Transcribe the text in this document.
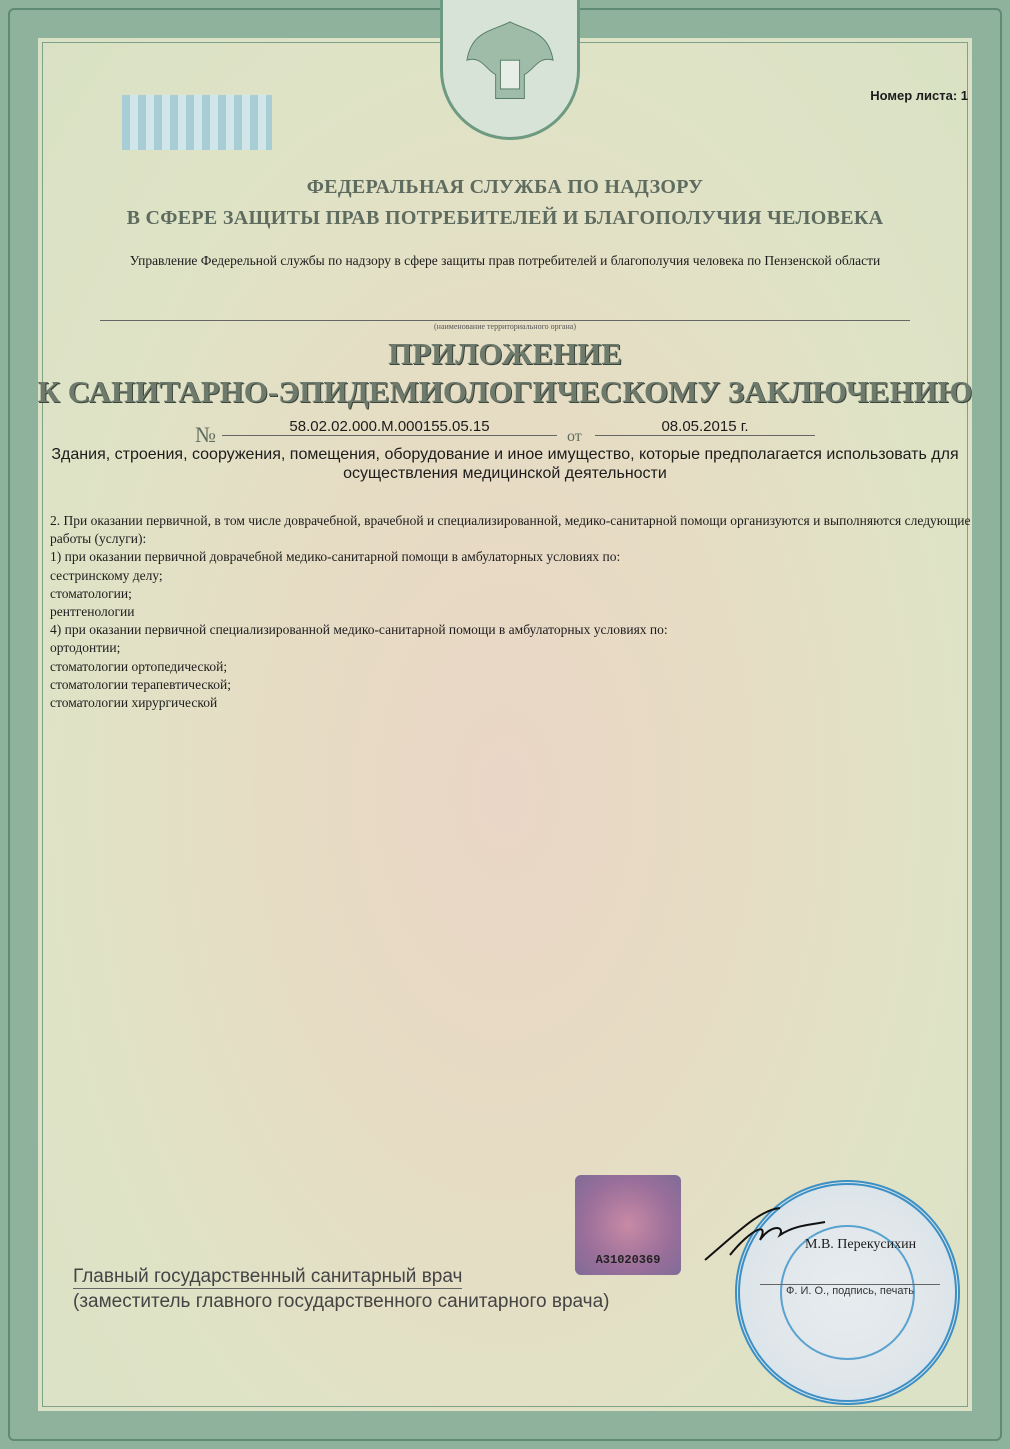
Номер листа: 1
ФЕДЕРАЛЬНАЯ СЛУЖБА ПО НАДЗОРУ
В СФЕРЕ ЗАЩИТЫ ПРАВ ПОТРЕБИТЕЛЕЙ И БЛАГОПОЛУЧИЯ ЧЕЛОВЕКА
Управление Федерельной службы по надзору в сфере защиты прав потребителей и благополучия человека по Пензенской области
(наименование территориального органа)
ПРИЛОЖЕНИЕ
К САНИТАРНО-ЭПИДЕМИОЛОГИЧЕСКОМУ ЗАКЛЮЧЕНИЮ
№	58.02.02.000.М.000155.05.15
от
08.05.2015 г.
Здания, строения, сооружения, помещения, оборудование и иное имущество, которые предполагается использовать для осуществления медицинской деятельности
2. При оказании первичной, в том числе доврачебной, врачебной и специализированной, медико-санитарной помощи организуются и выполняются следующие работы (услуги):
1) при оказании первичной доврачебной медико-санитарной помощи в амбулаторных условиях по:
сестринскому делу;
стоматологии;
рентгенологии
4) при оказании первичной специализированной медико-санитарной помощи в амбулаторных условиях по:
ортодонтии;
стоматологии ортопедической;
стоматологии терапевтической;
стоматологии хирургической
А31020369
М.В. Перекусихин
Ф. И. О., подпись, печать
Главный государственный санитарный врач
(заместитель главного государственного санитарного врача)
